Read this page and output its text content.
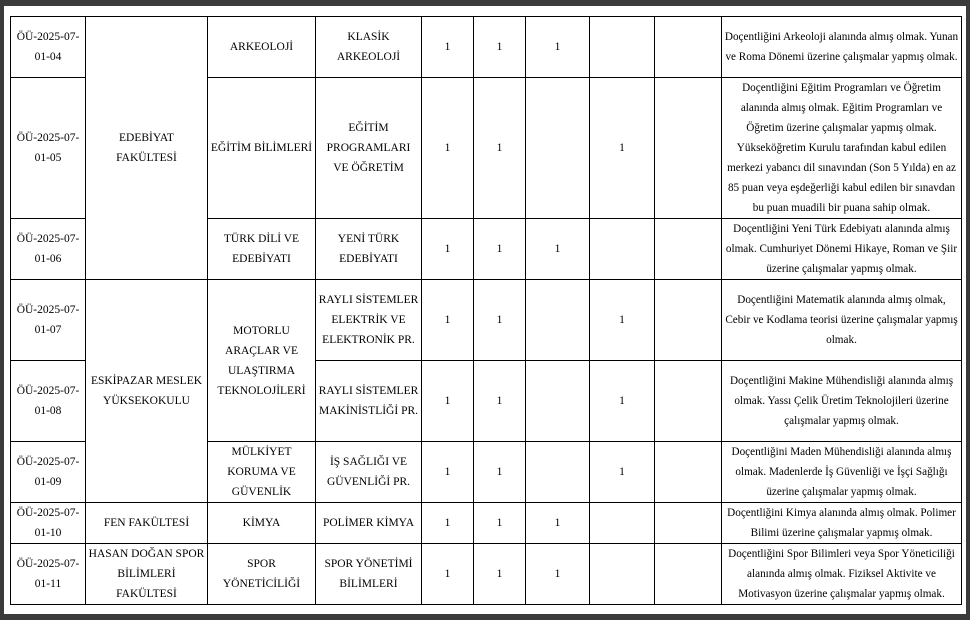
ÖÜ-2025-07-01-04	EDEBİYAT FAKÜLTESİ	ARKEOLOJİ	KLASİK ARKEOLOJİ	1	1	1			Doçentliğini Arkeoloji alanında almış olmak. Yunan ve Roma Dönemi üzerine çalışmalar yapmış olmak.
ÖÜ-2025-07-01-05		EĞİTİM BİLİMLERİ	EĞİTİM PROGRAMLARI VE ÖĞRETİM	1	1		1		Doçentliğini Eğitim Programları ve Öğretim alanında almış olmak. Eğitim Programları ve Öğretim üzerine çalışmalar yapmış olmak. Yükseköğretim Kurulu tarafından kabul edilen merkezi yabancı dil sınavından (Son 5 Yılda) en az 85 puan veya eşdeğerliği kabul edilen bir sınavdan bu puan muadili bir puana sahip olmak.
ÖÜ-2025-07-01-06		TÜRK DİLİ VE EDEBİYATI	YENİ TÜRK EDEBİYATI	1	1	1			Doçentliğini Yeni Türk Edebiyatı alanında almış olmak. Cumhuriyet Dönemi Hikaye, Roman ve Şiir üzerine çalışmalar yapmış olmak.
ÖÜ-2025-07-01-07	ESKİPAZAR MESLEK YÜKSEKOKULU	MOTORLU ARAÇLAR VE ULAŞTIRMA TEKNOLOJİLERİ	RAYLI SİSTEMLER ELEKTRİK VE ELEKTRONİK PR.	1	1		1		Doçentliğini Matematik alanında almış olmak, Cebir ve Kodlama teorisi üzerine çalışmalar yapmış olmak.
ÖÜ-2025-07-01-08			RAYLI SİSTEMLER MAKİNİSTLİĞİ PR.	1	1		1		Doçentliğini Makine Mühendisliği alanında almış olmak. Yassı Çelik Üretim Teknolojileri üzerine çalışmalar yapmış olmak.
ÖÜ-2025-07-01-09		MÜLKİYET KORUMA VE GÜVENLİK	İŞ SAĞLIĞI VE GÜVENLİĞİ PR.	1	1		1		Doçentliğini Maden Mühendisliği alanında almış olmak. Madenlerde İş Güvenliği ve İşçi Sağlığı üzerine çalışmalar yapmış olmak.
ÖÜ-2025-07-01-10	FEN FAKÜLTESİ	KİMYA	POLİMER KİMYA	1	1	1			Doçentliğini Kimya alanında almış olmak. Polimer Bilimi üzerine çalışmalar yapmış olmak.
ÖÜ-2025-07-01-11	HASAN DOĞAN SPOR BİLİMLERİ FAKÜLTESİ	SPOR YÖNETİCİLİĞİ	SPOR YÖNETİMİ BİLİMLERİ	1	1	1			Doçentliğini Spor Bilimleri veya Spor Yöneticiliği alanında almış olmak. Fiziksel Aktivite ve Motivasyon üzerine çalışmalar yapmış olmak.
